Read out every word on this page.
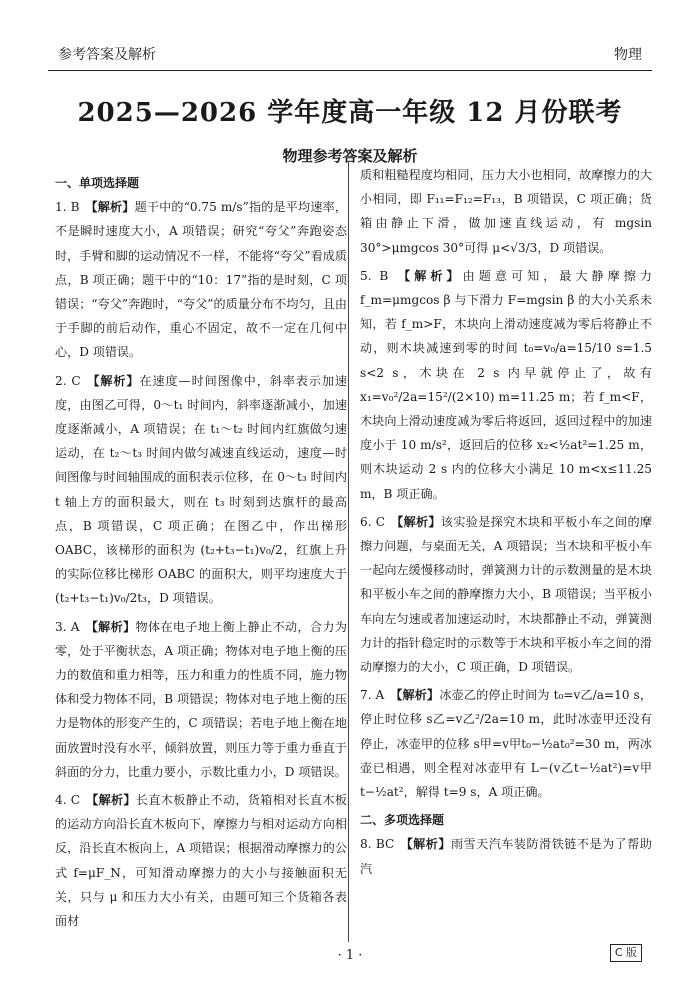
参考答案及解析	物理
2025—2026 学年度高一年级 12 月份联考
物理参考答案及解析
一、单项选择题

1. B 【解析】题干中的“0.75 m/s”指的是平均速率，不是瞬时速度大小，A 项错误；研究“夸父”奔跑姿态时，手臂和脚的运动情况不一样，不能将“夸父”看成质点，B 项正确；题干中的“10：17”指的是时刻，C 项错误；“夸父”奔跑时，“夸父”的质量分布不均匀，且由于手脚的前后动作，重心不固定，故不一定在几何中心，D 项错误。

2. C 【解析】在速度—时间图像中，斜率表示加速度，由图乙可得，0～t₁ 时间内，斜率逐渐减小，加速度逐渐减小，A 项错误；在 t₁～t₂ 时间内红旗做匀速运动，在 t₂～t₃ 时间内做匀减速直线运动，速度—时间图像与时间轴围成的面积表示位移，在 0～t₃ 时间内 t 轴上方的面积最大，则在 t₃ 时刻到达旗杆的最高点，B 项错误，C 项正确；在图乙中，作出梯形 OABC，该梯形的面积为 (t₂+t₃−t₁)v₀/2，红旗上升的实际位移比梯形 OABC 的面积大，则平均速度大于 (t₂+t₃−t₁)v₀/2t₃，D 项错误。

3. A 【解析】物体在电子地上衡上静止不动，合力为零，处于平衡状态，A 项正确；物体对电子地上衡的压力的数值和重力相等，压力和重力的性质不同，施力物体和受力物体不同，B 项错误；物体对电子地上衡的压力是物体的形变产生的，C 项错误；若电子地上衡在地面放置时没有水平，倾斜放置，则压力等于重力垂直于斜面的分力，比重力要小，示数比重力小，D 项错误。

4. C 【解析】长直木板静止不动，货箱相对长直木板的运动方向沿长直木板向下，摩擦力与相对运动方向相反，沿长直木板向上，A 项错误；根据滑动摩擦力的公式 f=μF_N，可知滑动摩擦力的大小与接触面积无关，只与 μ 和压力大小有关，由题可知三个货箱各表面材

质和粗糙程度均相同，压力大小也相同，故摩擦力的大小相同，即 F₁₁=F₁₂=F₁₃，B 项错误，C 项正确；货箱由静止下滑，做加速直线运动，有 mgsin 30°>μmgcos 30°可得 μ<√3/3，D 项错误。

5. B 【解析】由题意可知，最大静摩擦力 f_m=μmgcos β 与下滑力 F=mgsin β 的大小关系未知，若 f_m>F，木块向上滑动速度减为零后将静止不动，则木块减速到零的时间 t₀=v₀/a=15/10 s=1.5 s<2 s，木块在 2 s 内早就停止了，故有 x₁=v₀²/2a=15²/(2×10) m=11.25 m；若 f_m<F，木块向上滑动速度减为零后将返回，返回过程中的加速度小于 10 m/s²，返回后的位移 x₂<½at²=1.25 m，则木块运动 2 s 内的位移大小满足 10 m<x≤11.25 m，B 项正确。

6. C 【解析】该实验是探究木块和平板小车之间的摩擦力问题，与桌面无关，A 项错误；当木块和平板小车一起向左缓慢移动时，弹簧测力计的示数测量的是木块和平板小车之间的静摩擦力大小，B 项错误；当平板小车向左匀速或者加速运动时，木块都静止不动，弹簧测力计的指针稳定时的示数等于木块和平板小车之间的滑动摩擦力的大小，C 项正确，D 项错误。

7. A 【解析】冰壶乙的停止时间为 t₀=v乙/a=10 s，停止时位移 s乙=v乙²/2a=10 m，此时冰壶甲还没有停止，冰壶甲的位移 s甲=v甲t₀−½at₀²=30 m，两冰壶已相遇，则全程对冰壶甲有 L−(v乙t−½at²)=v甲t−½at²，解得 t=9 s，A 项正确。

二、多项选择题

8. BC 【解析】雨雪天汽车装防滑铁链不是为了帮助汽

· 1 ·	C 版
